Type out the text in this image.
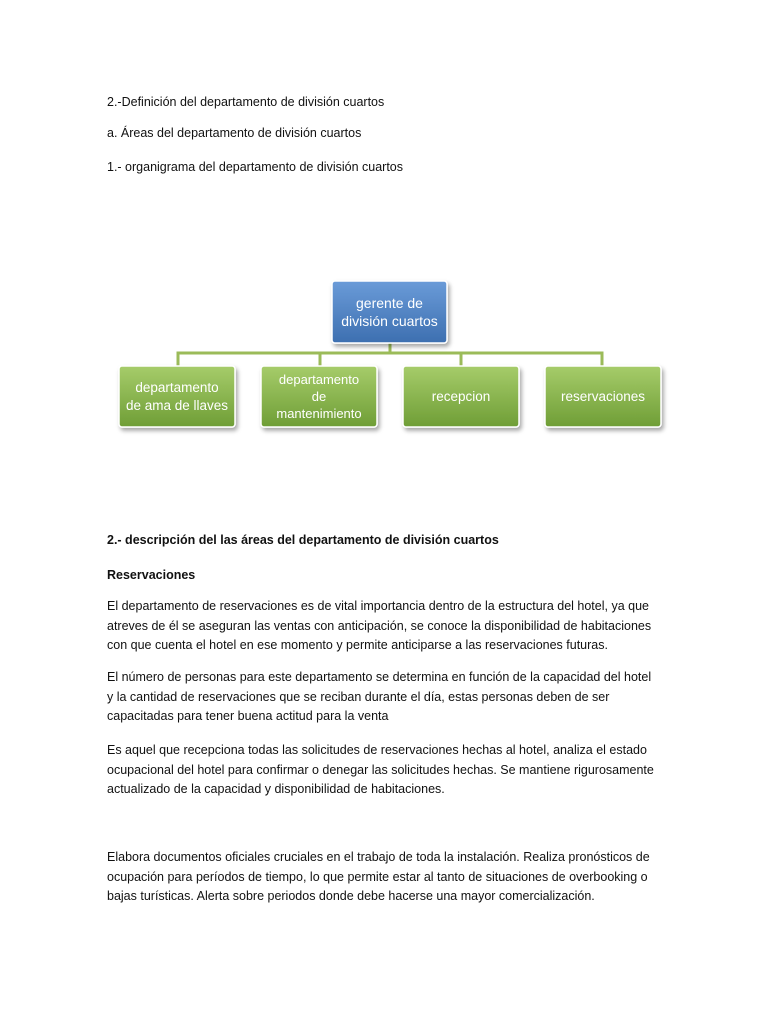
2.-Definición del departamento de división cuartos
a. Áreas del departamento de división cuartos
1.- organigrama del departamento de división cuartos
gerente de
división cuartos
departamento
de ama de llaves
departamento
de
mantenimiento
recepcion	reservaciones
2.- descripción del las áreas del departamento de división cuartos
Reservaciones
El departamento de reservaciones es de vital importancia dentro de la estructura del hotel, ya que
atreves de él se aseguran las ventas con anticipación, se conoce la disponibilidad de habitaciones
con que cuenta el hotel en ese momento y permite anticiparse a las reservaciones futuras.
El número de personas para este departamento se determina en función de la capacidad del hotel
y la cantidad de reservaciones que se reciban durante el día, estas personas deben de ser
capacitadas para tener buena actitud para la venta
Es aquel que recepciona todas las solicitudes de reservaciones hechas al hotel, analiza el estado
ocupacional del hotel para confirmar o denegar las solicitudes hechas. Se mantiene rigurosamente
actualizado de la capacidad y disponibilidad de habitaciones.
Elabora documentos oficiales cruciales en el trabajo de toda la instalación. Realiza pronósticos de
ocupación para períodos de tiempo, lo que permite estar al tanto de situaciones de overbooking o
bajas turísticas. Alerta sobre periodos donde debe hacerse una mayor comercialización.
